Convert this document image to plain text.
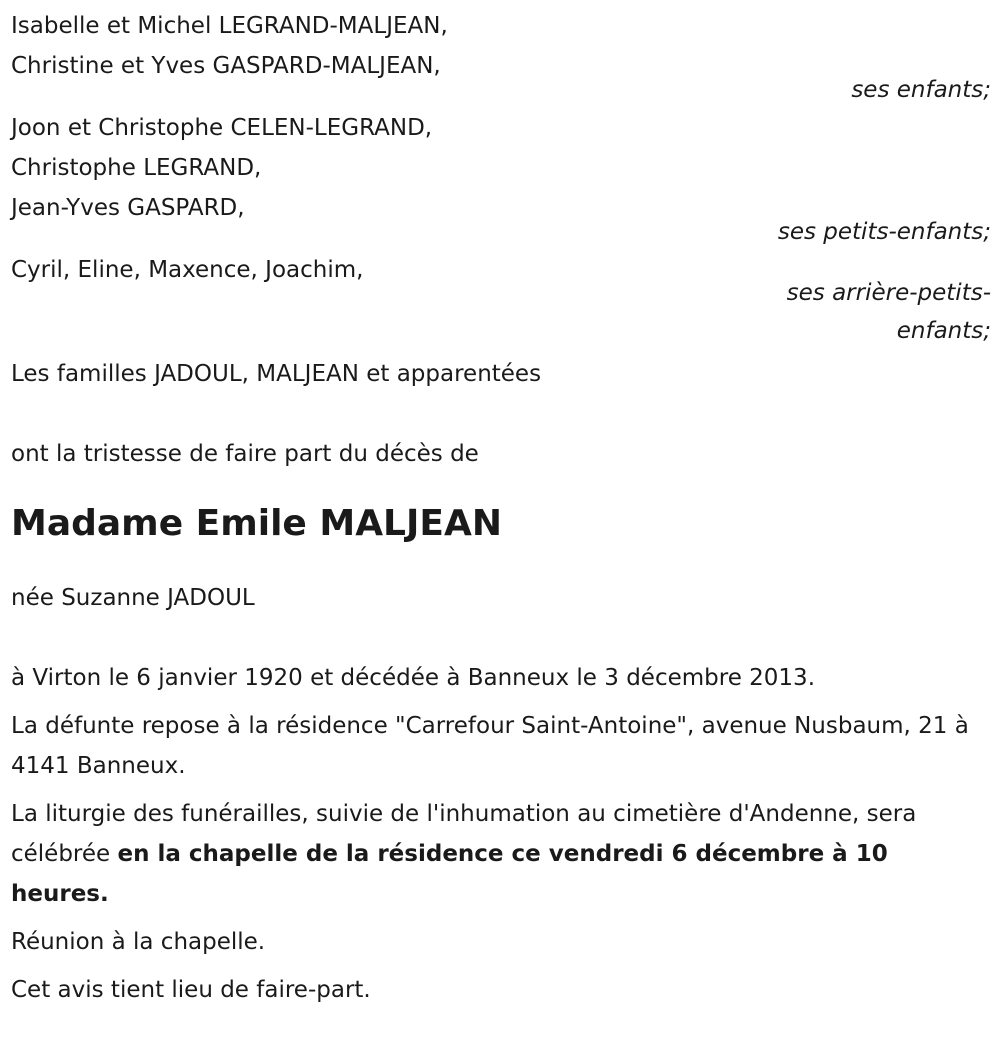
Isabelle et Michel LEGRAND-MALJEAN,
Christine et Yves GASPARD-MALJEAN,
ses enfants;
Joon et Christophe CELEN-LEGRAND,
Christophe LEGRAND,
Jean-Yves GASPARD,
ses petits-enfants;
Cyril, Eline, Maxence, Joachim,
ses arrière-petits-enfants;
Les familles JADOUL, MALJEAN et apparentées
ont la tristesse de faire part du décès de
Madame Emile MALJEAN
née Suzanne JADOUL
à Virton le 6 janvier 1920 et décédée à Banneux le 3 décembre 2013.
La défunte repose à la résidence "Carrefour Saint-Antoine", avenue Nusbaum, 21 à 4141 Banneux.
La liturgie des funérailles, suivie de l'inhumation au cimetière d'Andenne, sera célébrée en la chapelle de la résidence ce vendredi 6 décembre à 10 heures.
Réunion à la chapelle.
Cet avis tient lieu de faire-part.
